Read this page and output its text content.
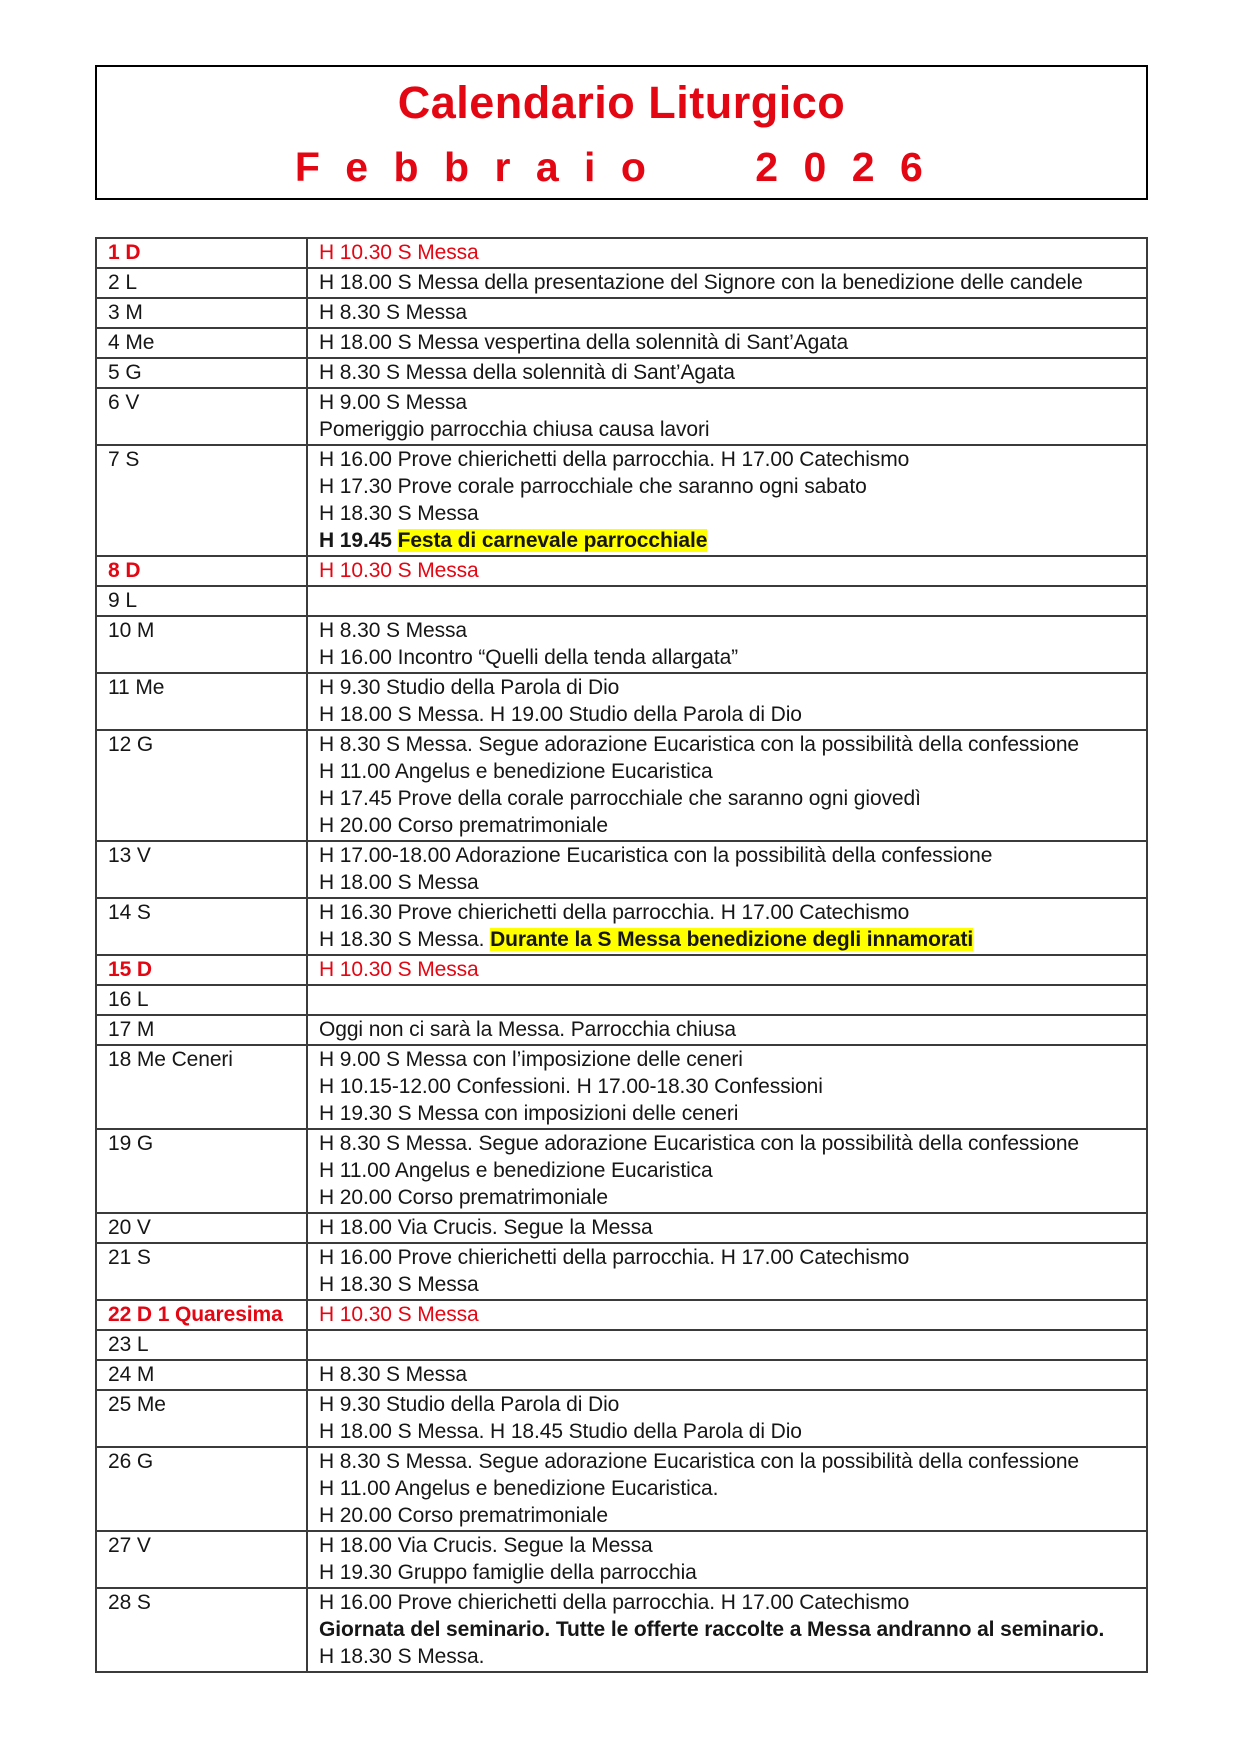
Calendario Liturgico
Febbraio 2026
1 D	H 10.30 S Messa

2 L	H 18.00 S Messa della presentazione del Signore con la benedizione delle candele

3 M	H 8.30 S Messa

4 Me	H 18.00 S Messa vespertina della solennità di Sant’Agata

5 G	H 8.30 S Messa della solennità di Sant’Agata

6 V	H 9.00 S Messa
Pomeriggio parrocchia chiusa causa lavori

7 S	H 16.00 Prove chierichetti della parrocchia. H 17.00 Catechismo
H 17.30 Prove corale parrocchiale che saranno ogni sabato
H 18.30 S Messa
H 19.45 Festa di carnevale parrocchiale

8 D	H 10.30 S Messa

9 L	
10 M	H 8.30 S Messa
H 16.00 Incontro “Quelli della tenda allargata”

11 Me	H 9.30 Studio della Parola di Dio
H 18.00 S Messa. H 19.00 Studio della Parola di Dio

12 G	H 8.30 S Messa. Segue adorazione Eucaristica con la possibilità della confessione
H 11.00 Angelus e benedizione Eucaristica
H 17.45 Prove della corale parrocchiale che saranno ogni giovedì
H 20.00 Corso prematrimoniale

13 V	H 17.00-18.00 Adorazione Eucaristica con la possibilità della confessione
H 18.00 S Messa

14 S	H 16.30 Prove chierichetti della parrocchia. H 17.00 Catechismo
H 18.30 S Messa. Durante la S Messa benedizione degli innamorati

15 D	H 10.30 S Messa

16 L	
17 M	Oggi non ci sarà la Messa. Parrocchia chiusa

18 Me Ceneri	H 9.00 S Messa con l’imposizione delle ceneri
H 10.15-12.00 Confessioni. H 17.00-18.30 Confessioni
H 19.30 S Messa con imposizioni delle ceneri

19 G	H 8.30 S Messa. Segue adorazione Eucaristica con la possibilità della confessione
H 11.00 Angelus e benedizione Eucaristica
H 20.00 Corso prematrimoniale

20 V	H 18.00 Via Crucis. Segue la Messa

21 S	H 16.00 Prove chierichetti della parrocchia. H 17.00 Catechismo
H 18.30 S Messa

22 D 1 Quaresima	H 10.30 S Messa

23 L	
24 M	H 8.30 S Messa

25 Me	H 9.30 Studio della Parola di Dio
H 18.00 S Messa. H 18.45 Studio della Parola di Dio

26 G	H 8.30 S Messa. Segue adorazione Eucaristica con la possibilità della confessione
H 11.00 Angelus e benedizione Eucaristica.
H 20.00 Corso prematrimoniale

27 V	H 18.00 Via Crucis. Segue la Messa
H 19.30 Gruppo famiglie della parrocchia

28 S	H 16.00 Prove chierichetti della parrocchia. H 17.00 Catechismo
Giornata del seminario. Tutte le offerte raccolte a Messa andranno al seminario.
H 18.30 S Messa.
